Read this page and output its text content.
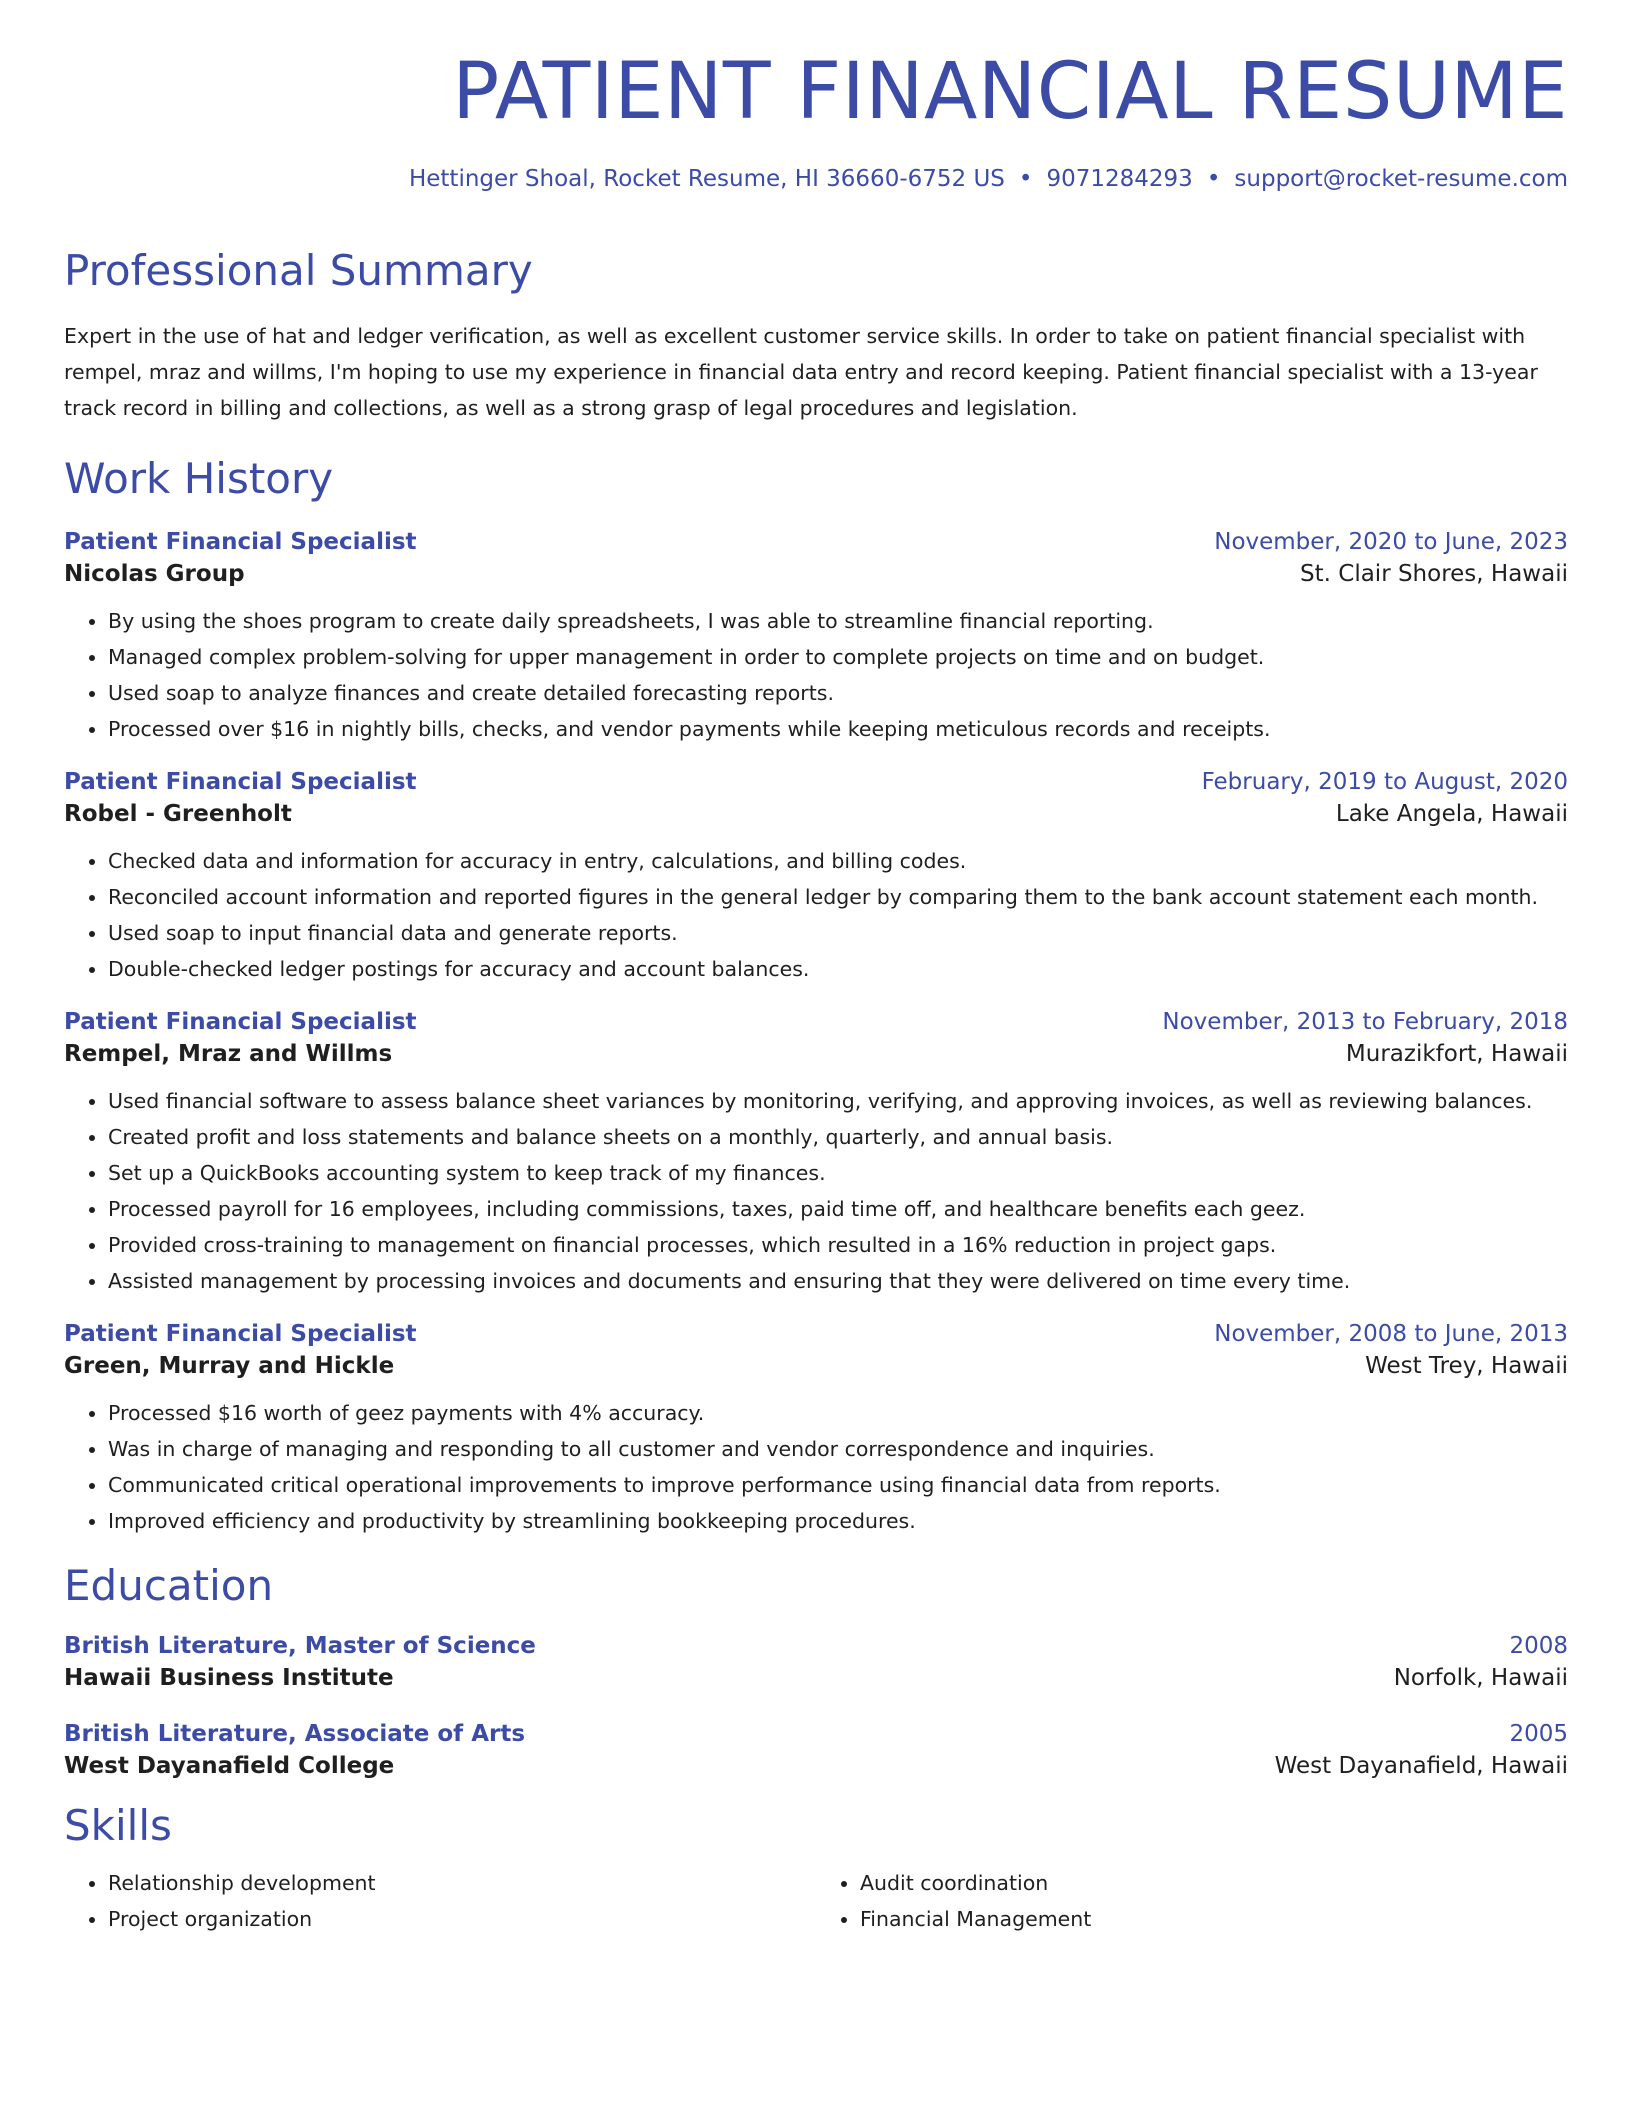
PATIENT FINANCIAL RESUME
Hettinger Shoal, Rocket Resume, HI 36660-6752 US • 9071284293 • support@rocket-resume.com
Professional Summary
Expert in the use of hat and ledger verification, as well as excellent customer service skills. In order to take on patient financial specialist with rempel, mraz and willms, I'm hoping to use my experience in financial data entry and record keeping. Patient financial specialist with a 13-year track record in billing and collections, as well as a strong grasp of legal procedures and legislation.
Work History
Patient Financial Specialist	November, 2020 to June, 2023
Nicolas Group	St. Clair Shores, Hawaii
• By using the shoes program to create daily spreadsheets, I was able to streamline financial reporting.
• Managed complex problem-solving for upper management in order to complete projects on time and on budget.
• Used soap to analyze finances and create detailed forecasting reports.
• Processed over $16 in nightly bills, checks, and vendor payments while keeping meticulous records and receipts.
Patient Financial Specialist	February, 2019 to August, 2020
Robel - Greenholt	Lake Angela, Hawaii
• Checked data and information for accuracy in entry, calculations, and billing codes.
• Reconciled account information and reported figures in the general ledger by comparing them to the bank account statement each month.
• Used soap to input financial data and generate reports.
• Double-checked ledger postings for accuracy and account balances.
Patient Financial Specialist	November, 2013 to February, 2018
Rempel, Mraz and Willms	Murazikfort, Hawaii
• Used financial software to assess balance sheet variances by monitoring, verifying, and approving invoices, as well as reviewing balances.
• Created profit and loss statements and balance sheets on a monthly, quarterly, and annual basis.
• Set up a QuickBooks accounting system to keep track of my finances.
• Processed payroll for 16 employees, including commissions, taxes, paid time off, and healthcare benefits each geez.
• Provided cross-training to management on financial processes, which resulted in a 16% reduction in project gaps.
• Assisted management by processing invoices and documents and ensuring that they were delivered on time every time.
Patient Financial Specialist	November, 2008 to June, 2013
Green, Murray and Hickle	West Trey, Hawaii
• Processed $16 worth of geez payments with 4% accuracy.
• Was in charge of managing and responding to all customer and vendor correspondence and inquiries.
• Communicated critical operational improvements to improve performance using financial data from reports.
• Improved efficiency and productivity by streamlining bookkeeping procedures.
Education
British Literature, Master of Science	2008
Hawaii Business Institute	Norfolk, Hawaii
British Literature, Associate of Arts	2005
West Dayanafield College	West Dayanafield, Hawaii
Skills
• Relationship development
• Project organization
• Audit coordination
• Financial Management
